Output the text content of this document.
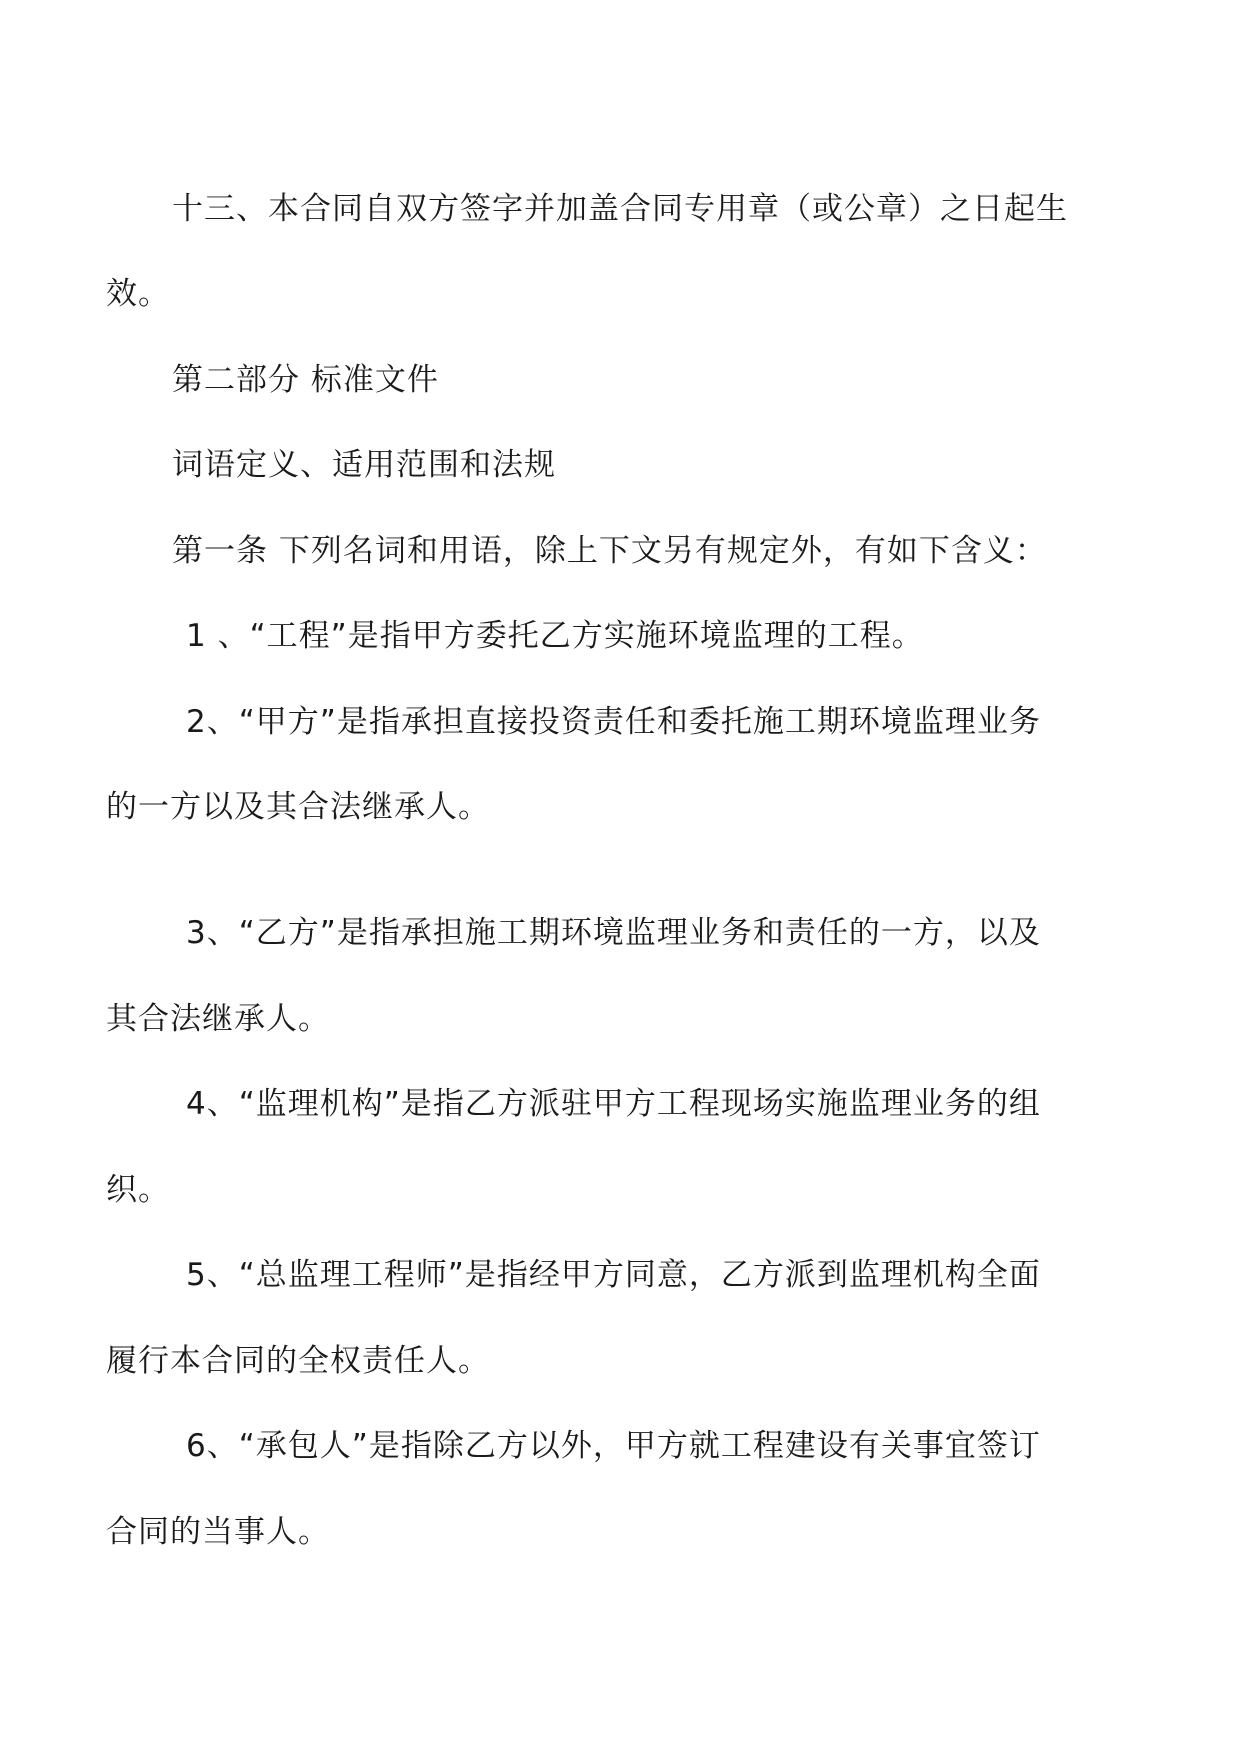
十三、本合同自双方签字并加盖合同专用章（或公章）之日起生
效。
第二部分 标准文件
词语定义、适用范围和法规
第一条 下列名词和用语，除上下文另有规定外，有如下含义：
1 、“工程”是指甲方委托乙方实施环境监理的工程。
2、“甲方”是指承担直接投资责任和委托施工期环境监理业务
的一方以及其合法继承人。
3、“乙方”是指承担施工期环境监理业务和责任的一方，以及
其合法继承人。
4、“监理机构”是指乙方派驻甲方工程现场实施监理业务的组
织。
5、“总监理工程师”是指经甲方同意，乙方派到监理机构全面
履行本合同的全权责任人。
6、“承包人”是指除乙方以外，甲方就工程建设有关事宜签订
合同的当事人。
